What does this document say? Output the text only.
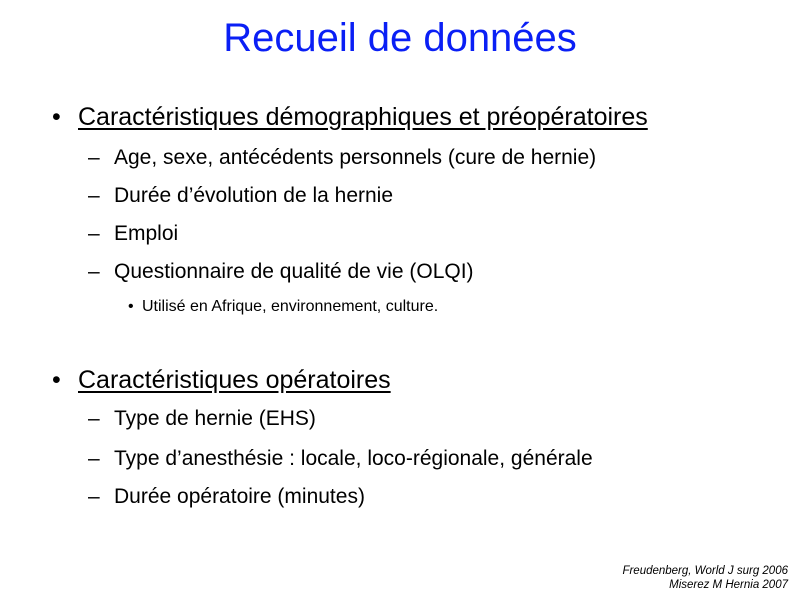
Recueil de données
• Caractéristiques démographiques et préopératoires
– Age, sexe, antécédents personnels (cure de hernie)
– Durée d’évolution de la hernie
– Emploi
– Questionnaire de qualité de vie (OLQI)
• Utilisé en Afrique, environnement, culture.
• Caractéristiques opératoires
– Type de hernie (EHS)
– Type d’anesthésie : locale, loco-régionale, générale
– Durée opératoire (minutes)
Freudenberg, World J surg 2006
Miserez M Hernia 2007
